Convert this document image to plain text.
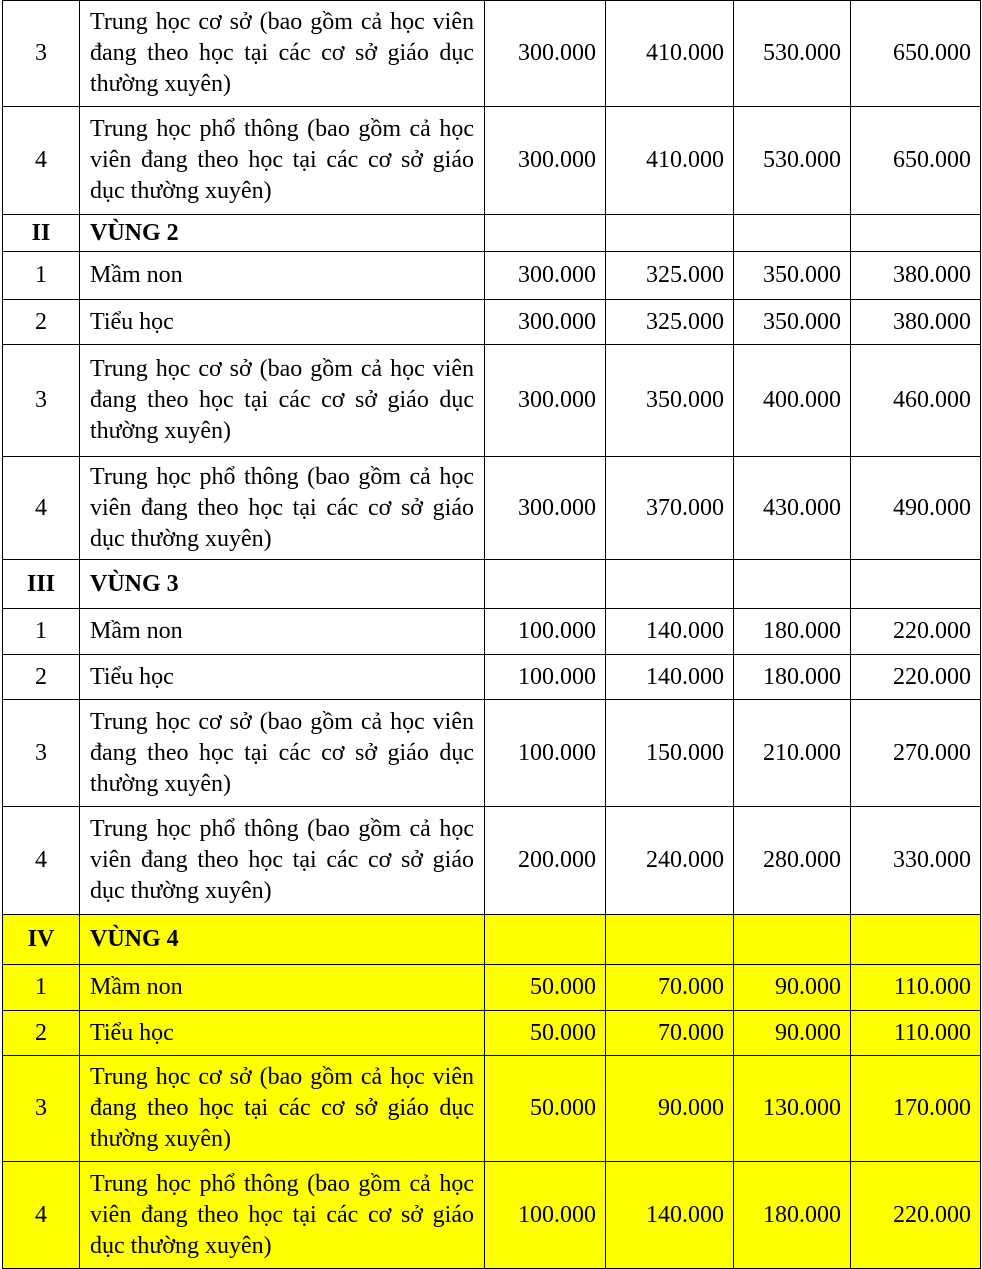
3	Trung học cơ sở (bao gồm cả học viên đang theo học tại các cơ sở giáo dục thường xuyên)	300.000	410.000	530.000	650.000
4	Trung học phổ thông (bao gồm cả học viên đang theo học tại các cơ sở giáo dục thường xuyên)	300.000	410.000	530.000	650.000
II	VÙNG 2				
1	Mầm non	300.000	325.000	350.000	380.000
2	Tiểu học	300.000	325.000	350.000	380.000
3	Trung học cơ sở (bao gồm cả học viên đang theo học tại các cơ sở giáo dục thường xuyên)	300.000	350.000	400.000	460.000
4	Trung học phổ thông (bao gồm cả học viên đang theo học tại các cơ sở giáo dục thường xuyên)	300.000	370.000	430.000	490.000
III	VÙNG 3				
1	Mầm non	100.000	140.000	180.000	220.000
2	Tiểu học	100.000	140.000	180.000	220.000
3	Trung học cơ sở (bao gồm cả học viên đang theo học tại các cơ sở giáo dục thường xuyên)	100.000	150.000	210.000	270.000
4	Trung học phổ thông (bao gồm cả học viên đang theo học tại các cơ sở giáo dục thường xuyên)	200.000	240.000	280.000	330.000
IV	VÙNG 4				
1	Mầm non	50.000	70.000	90.000	110.000
2	Tiểu học	50.000	70.000	90.000	110.000
3	Trung học cơ sở (bao gồm cả học viên đang theo học tại các cơ sở giáo dục thường xuyên)	50.000	90.000	130.000	170.000
4	Trung học phổ thông (bao gồm cả học viên đang theo học tại các cơ sở giáo dục thường xuyên)	100.000	140.000	180.000	220.000
